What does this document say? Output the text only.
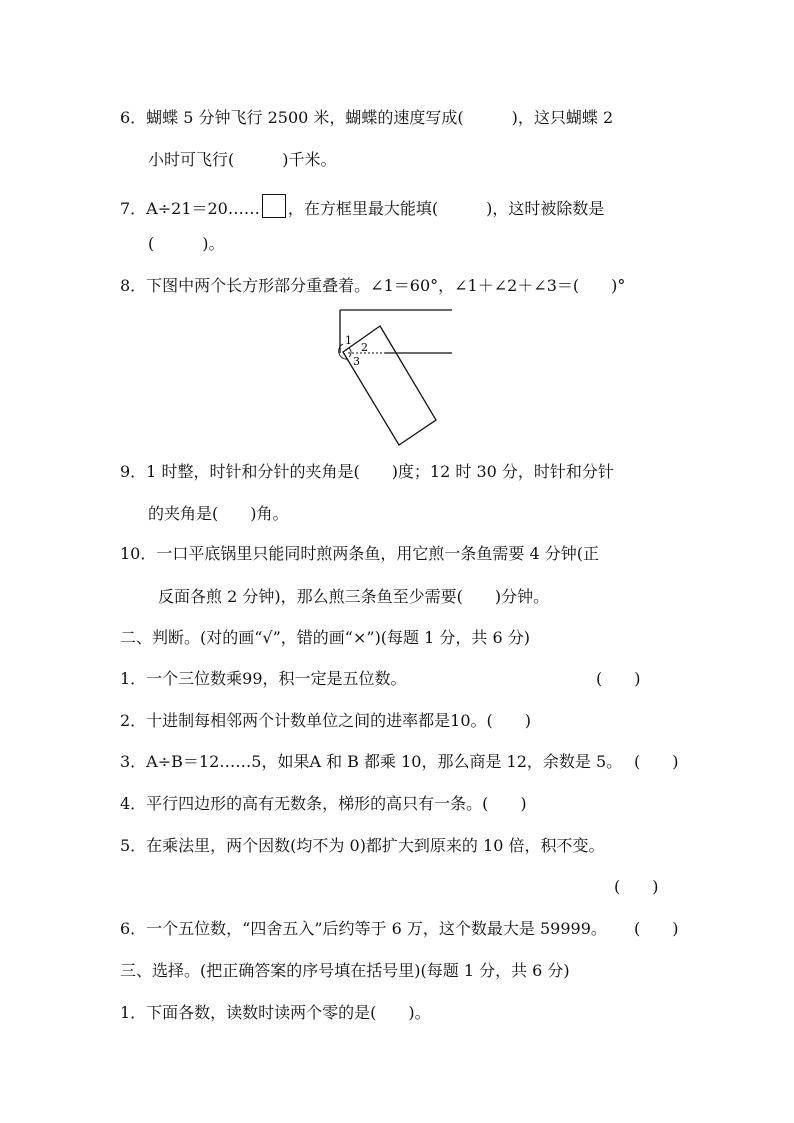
6．蝴蝶 5 分钟飞行 2500 米，蝴蝶的速度写成(　　　)，这只蝴蝶 2
小时可飞行(　　　)千米。
7．A÷21＝20…… ，在方框里最大能填(　　　)，这时被除数是
(　　　)。
8．下图中两个长方形部分重叠着。∠1＝60°，∠1＋∠2＋∠3＝(　　)°
1
2
3
9．1 时整，时针和分针的夹角是(　　)度；12 时 30 分，时针和分针
的夹角是(　　)角。
10．一口平底锅里只能同时煎两条鱼，用它煎一条鱼需要 4 分钟(正
反面各煎 2 分钟)，那么煎三条鱼至少需要(　　)分钟。
二、判断。(对的画“√”，错的画“×”)(每题 1 分，共 6 分)
1．一个三位数乘99，积一定是五位数。	(　　)
2．十进制每相邻两个计数单位之间的进率都是10。(　　)
3．A÷B＝12……5，如果A 和 B 都乘 10，那么商是 12，余数是 5。 (　　)
4．平行四边形的高有无数条，梯形的高只有一条。(　　)
5．在乘法里，两个因数(均不为 0)都扩大到原来的 10 倍，积不变。
(　　)
6．一个五位数，“四舍五入”后约等于 6 万，这个数最大是 59999。 (　　)
三、选择。(把正确答案的序号填在括号里)(每题 1 分，共 6 分)
1．下面各数，读数时读两个零的是(　　)。
